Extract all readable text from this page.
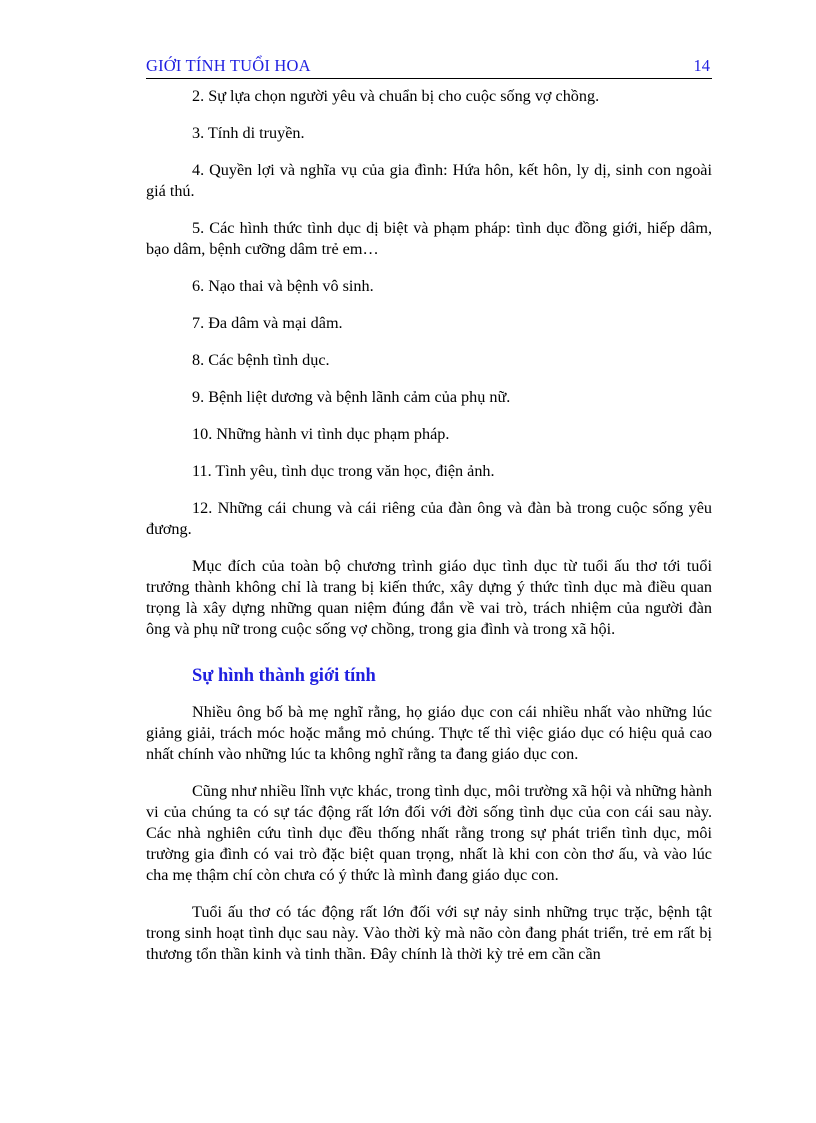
GIỚI TÍNH TUỔI HOA	14

2. Sự lựa chọn người yêu và chuẩn bị cho cuộc sống vợ chồng.

3. Tính di truyền.

4. Quyền lợi và nghĩa vụ của gia đình: Hứa hôn, kết hôn, ly dị, sinh con ngoài giá thú.

5. Các hình thức tình dục dị biệt và phạm pháp: tình dục đồng giới, hiếp dâm, bạo dâm, bệnh cưỡng dâm trẻ em…

6. Nạo thai và bệnh vô sinh.

7. Đa dâm và mại dâm.

8. Các bệnh tình dục.

9. Bệnh liệt dương và bệnh lãnh cảm của phụ nữ.

10. Những hành vi tình dục phạm pháp.

11. Tình yêu, tình dục trong văn học, điện ảnh.

12. Những cái chung và cái riêng của đàn ông và đàn bà trong cuộc sống yêu đương.

Mục đích của toàn bộ chương trình giáo dục tình dục từ tuổi ấu thơ tới tuổi trưởng thành không chỉ là trang bị kiến thức, xây dựng ý thức tình dục mà điều quan trọng là xây dựng những quan niệm đúng đắn về vai trò, trách nhiệm của người đàn ông và phụ nữ trong cuộc sống vợ chồng, trong gia đình và trong xã hội.

Sự hình thành giới tính

Nhiều ông bố bà mẹ nghĩ rằng, họ giáo dục con cái nhiều nhất vào những lúc giảng giải, trách móc hoặc mắng mỏ chúng. Thực tế thì việc giáo dục có hiệu quả cao nhất chính vào những lúc ta không nghĩ rằng ta đang giáo dục con.

Cũng như nhiều lĩnh vực khác, trong tình dục, môi trường xã hội và những hành vi của chúng ta có sự tác động rất lớn đối với đời sống tình dục của con cái sau này. Các nhà nghiên cứu tình dục đều thống nhất rằng trong sự phát triển tình dục, môi trường gia đình có vai trò đặc biệt quan trọng, nhất là khi con còn thơ ấu, và vào lúc cha mẹ thậm chí còn chưa có ý thức là mình đang giáo dục con.

Tuổi ấu thơ có tác động rất lớn đối với sự nảy sinh những trục trặc, bệnh tật trong sinh hoạt tình dục sau này. Vào thời kỳ mà não còn đang phát triển, trẻ em rất bị thương tổn thần kinh và tinh thần. Đây chính là thời kỳ trẻ em cần cần
